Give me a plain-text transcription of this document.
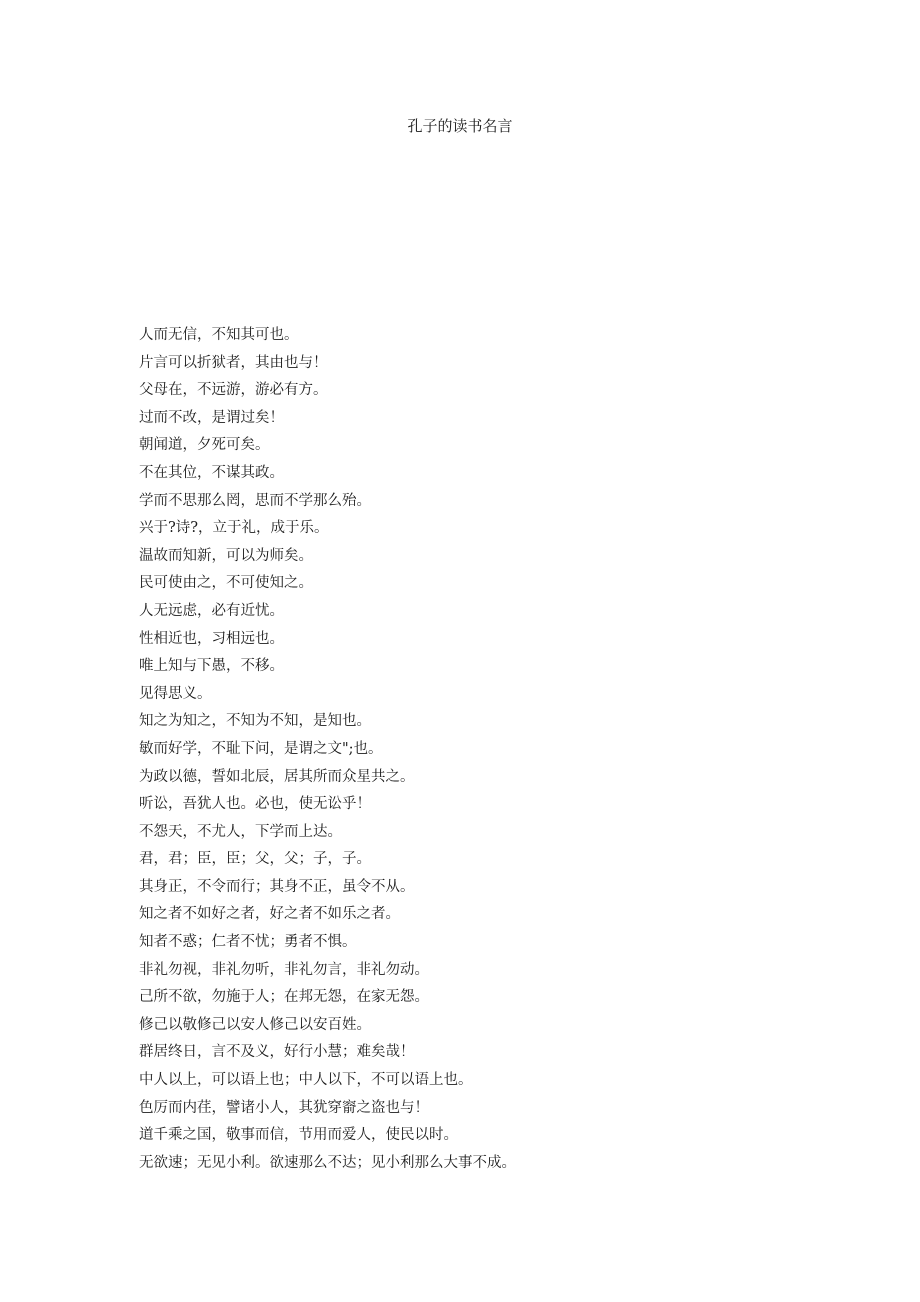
孔子的读书名言
人而无信，不知其可也。
片言可以折狱者，其由也与！
父母在，不远游，游必有方。
过而不改，是谓过矣！
朝闻道，夕死可矣。
不在其位，不谋其政。
学而不思那么罔，思而不学那么殆。
兴于?诗?，立于礼，成于乐。
温故而知新，可以为师矣。
民可使由之，不可使知之。
人无远虑，必有近忧。
性相近也，习相远也。
唯上知与下愚，不移。
见得思义。
知之为知之，不知为不知，是知也。
敏而好学，不耻下问，是谓之文";也。
为政以德，誓如北辰，居其所而众星共之。
听讼，吾犹人也。必也，使无讼乎！
不怨天，不尤人，下学而上达。
君，君；臣，臣；父，父；子，子。
其身正，不令而行；其身不正，虽令不从。
知之者不如好之者，好之者不如乐之者。
知者不惑；仁者不忧；勇者不惧。
非礼勿视，非礼勿听，非礼勿言，非礼勿动。
己所不欲，勿施于人；在邦无怨，在家无怨。
修己以敬修己以安人修己以安百姓。
群居终日，言不及义，好行小慧；难矣哉！
中人以上，可以语上也；中人以下，不可以语上也。
色厉而内荏，譬诸小人，其犹穿窬之盗也与！
道千乘之国，敬事而信，节用而爱人，使民以时。
无欲速；无见小利。欲速那么不达；见小利那么大事不成。
